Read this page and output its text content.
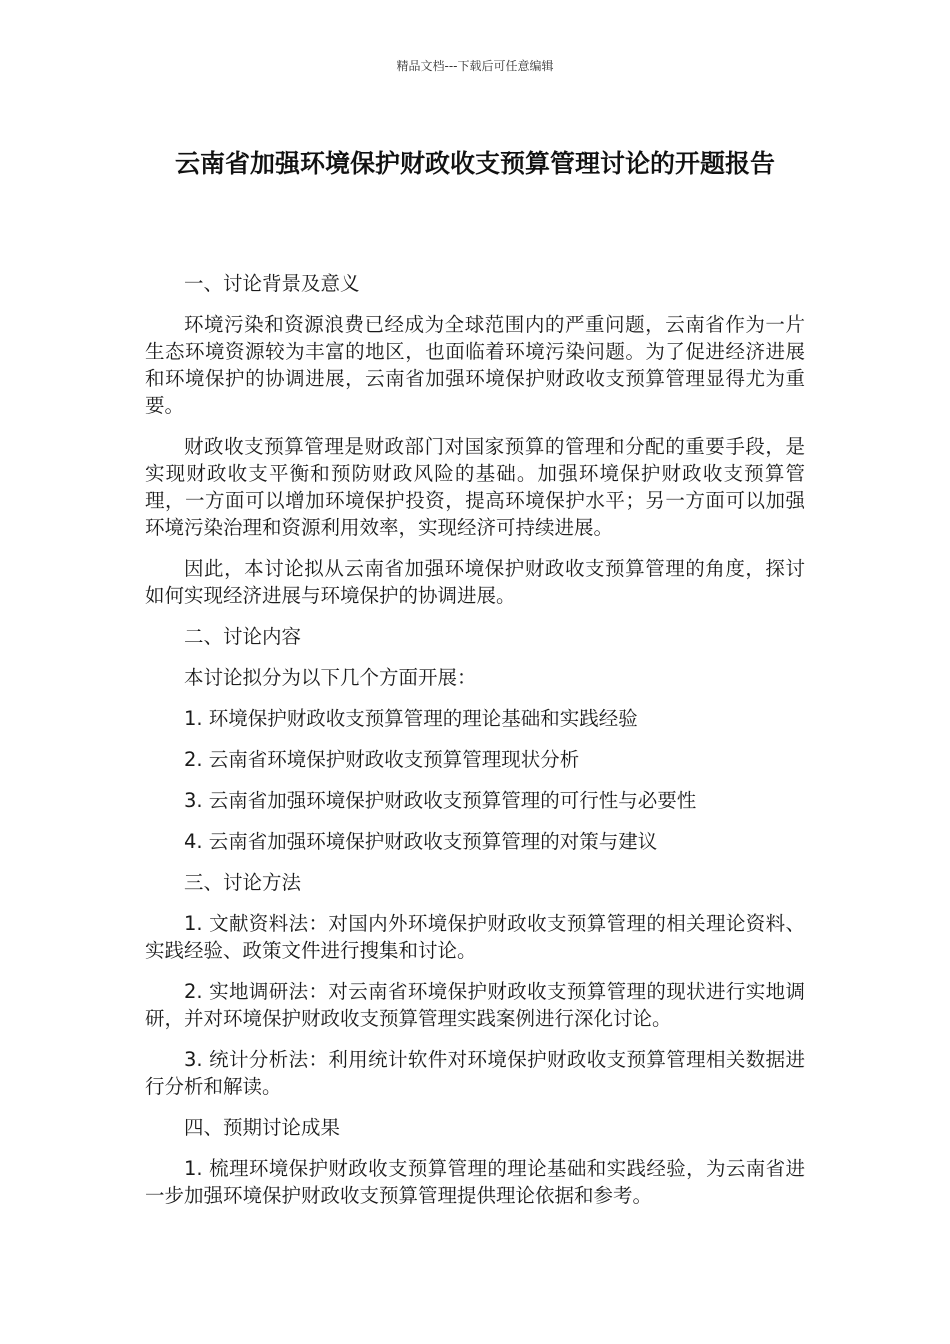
精品文档---下载后可任意编辑
云南省加强环境保护财政收支预算管理讨论的开题报告

一、讨论背景及意义

环境污染和资源浪费已经成为全球范围内的严重问题，云南省作为一片生态环境资源较为丰富的地区，也面临着环境污染问题。为了促进经济进展和环境保护的协调进展，云南省加强环境保护财政收支预算管理显得尤为重要。

财政收支预算管理是财政部门对国家预算的管理和分配的重要手段，是实现财政收支平衡和预防财政风险的基础。加强环境保护财政收支预算管理，一方面可以增加环境保护投资，提高环境保护水平；另一方面可以加强环境污染治理和资源利用效率，实现经济可持续进展。

因此，本讨论拟从云南省加强环境保护财政收支预算管理的角度，探讨如何实现经济进展与环境保护的协调进展。

二、讨论内容

本讨论拟分为以下几个方面开展：

1. 环境保护财政收支预算管理的理论基础和实践经验

2. 云南省环境保护财政收支预算管理现状分析

3. 云南省加强环境保护财政收支预算管理的可行性与必要性

4. 云南省加强环境保护财政收支预算管理的对策与建议

三、讨论方法

1. 文献资料法：对国内外环境保护财政收支预算管理的相关理论资料、实践经验、政策文件进行搜集和讨论。

2. 实地调研法：对云南省环境保护财政收支预算管理的现状进行实地调研，并对环境保护财政收支预算管理实践案例进行深化讨论。

3. 统计分析法：利用统计软件对环境保护财政收支预算管理相关数据进行分析和解读。

四、预期讨论成果

1. 梳理环境保护财政收支预算管理的理论基础和实践经验，为云南省进一步加强环境保护财政收支预算管理提供理论依据和参考。
